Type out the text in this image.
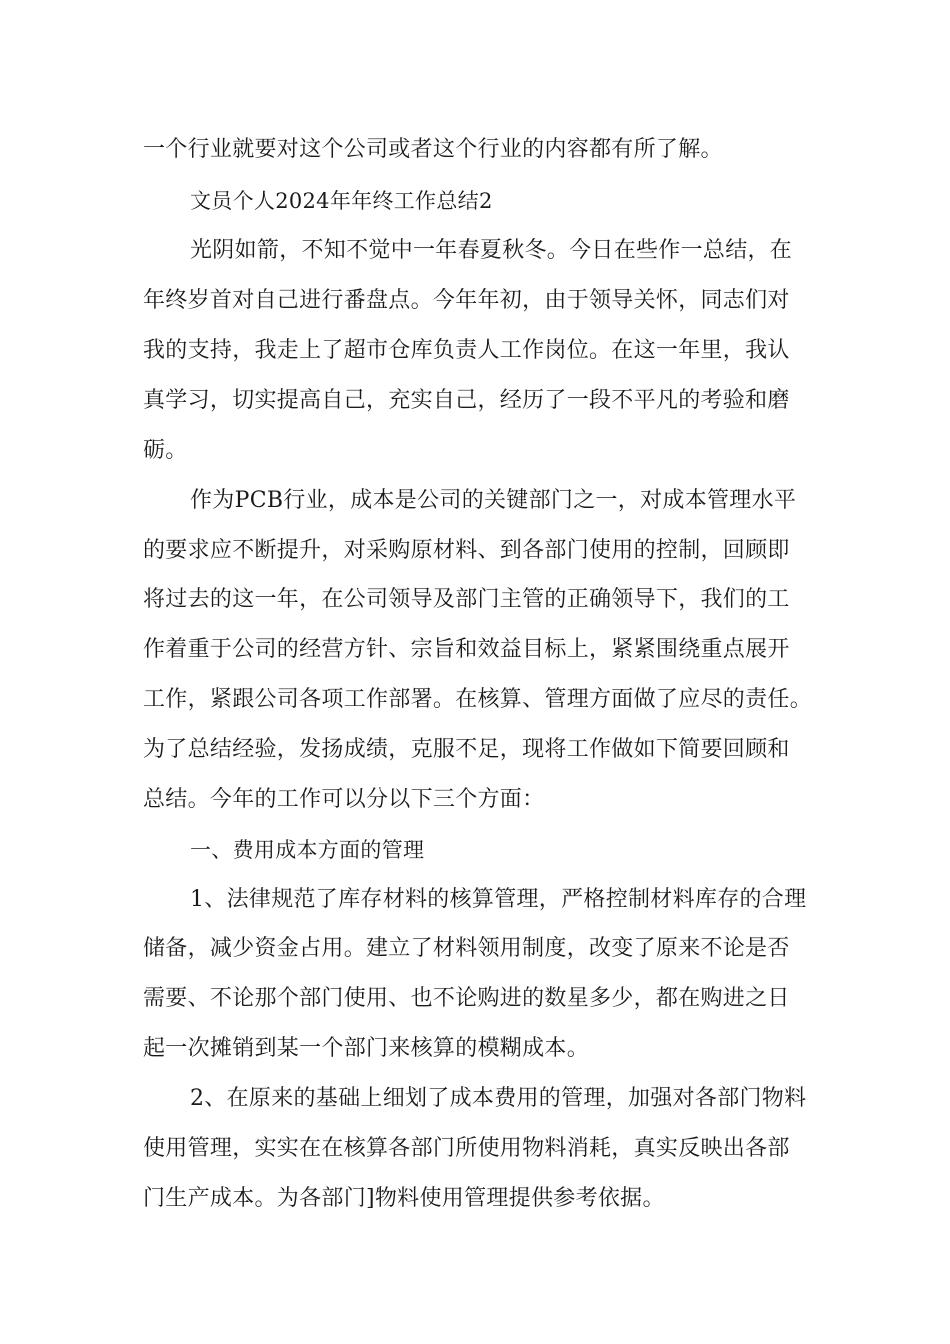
一个行业就要对这个公司或者这个行业的内容都有所了解。
文员个人2024年年终工作总结2
光阴如箭，不知不觉中一年春夏秋冬。今日在些作一总结，在
年终岁首对自己进行番盘点。今年年初，由于领导关怀，同志们对
我的支持，我走上了超市仓库负责人工作岗位。在这一年里，我认
真学习，切实提高自己，充实自己，经历了一段不平凡的考验和磨
砺。
作为PCB行业，成本是公司的关键部门之一，对成本管理水平
的要求应不断提升，对采购原材料、到各部门使用的控制，回顾即
将过去的这一年，在公司领导及部门主管的正确领导下，我们的工
作着重于公司的经营方针、宗旨和效益目标上，紧紧围绕重点展开
工作，紧跟公司各项工作部署。在核算、管理方面做了应尽的责任。
为了总结经验，发扬成绩，克服不足，现将工作做如下简要回顾和
总结。今年的工作可以分以下三个方面：
一、费用成本方面的管理
1、法律规范了库存材料的核算管理，严格控制材料库存的合理
储备，减少资金占用。建立了材料领用制度，改变了原来不论是否
需要、不论那个部门使用、也不论购进的数星多少，都在购进之日
起一次摊销到某一个部门来核算的模糊成本。
2、在原来的基础上细划了成本费用的管理，加强对各部门物料
使用管理，实实在在核算各部门所使用物料消耗，真实反映出各部
门生产成本。为各部门]物料使用管理提供参考依据。
